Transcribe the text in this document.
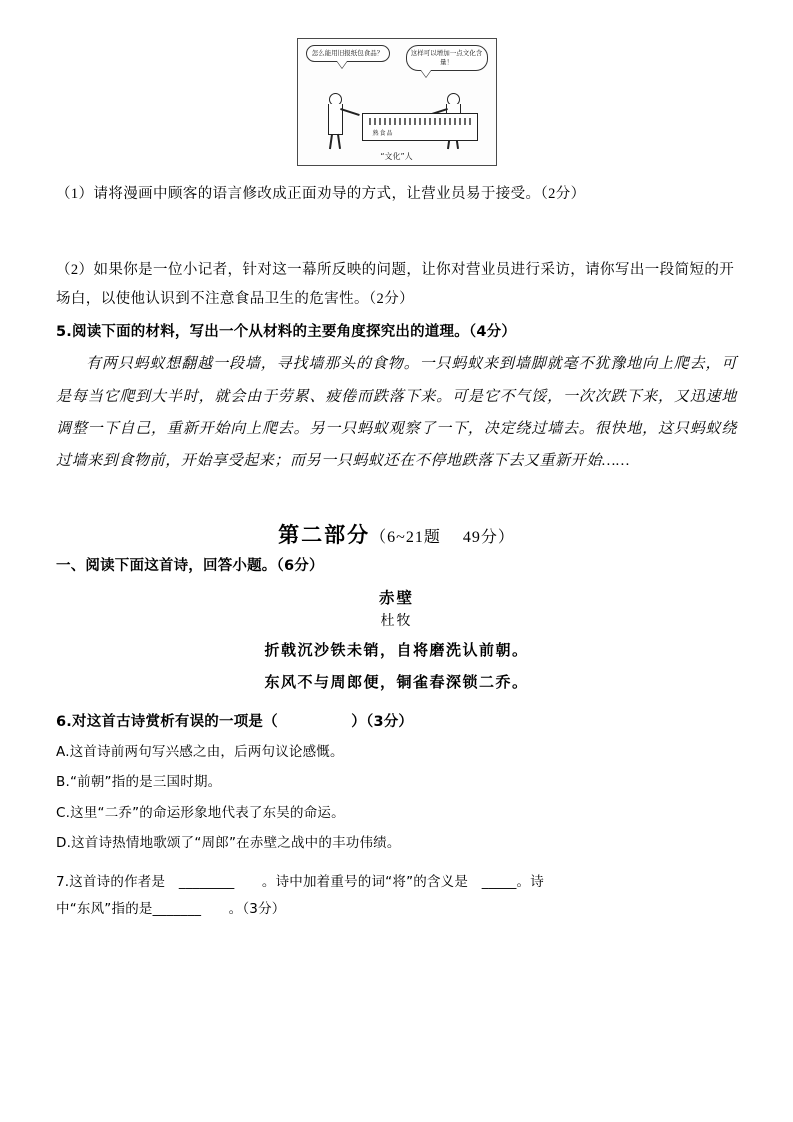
怎么能用旧报纸包食品？	这样可以增加一点文化含量！
熟食品
“文化”人

（1）请将漫画中顾客的语言修改成正面劝导的方式，让营业员易于接受。（2分）

（2）如果你是一位小记者，针对这一幕所反映的问题，让你对营业员进行采访，请你写出一段简短的开场白，以使他认识到不注意食品卫生的危害性。（2分）

5.阅读下面的材料，写出一个从材料的主要角度探究出的道理。（4分）

有两只蚂蚁想翻越一段墙，寻找墙那头的食物。一只蚂蚁来到墙脚就毫不犹豫地向上爬去，可是每当它爬到大半时，就会由于劳累、疲倦而跌落下来。可是它不气馁，一次次跌下来，又迅速地调整一下自己，重新开始向上爬去。另一只蚂蚁观察了一下，决定绕过墙去。很快地，这只蚂蚁绕过墙来到食物前，开始享受起来；而另一只蚂蚁还在不停地跌落下去又重新开始……

第二部分（6~21题　 49分）

一、阅读下面这首诗，回答小题。（6分）

赤壁

杜牧

折戟沉沙铁未销，自将磨洗认前朝。

东风不与周郎便，铜雀春深锁二乔。

6.对这首古诗赏析有误的一项是（　　　　　）（3分）

A.这首诗前两句写兴感之由，后两句议论感慨。

B.“前朝”指的是三国时期。

C.这里“二乔”的命运形象地代表了东吴的命运。

D.这首诗热情地歌颂了“周郎”在赤壁之战中的丰功伟绩。

7.这首诗的作者是　________　　。诗中加着重号的词“将”的含义是　_____。诗

中“东风”指的是_______　　。（3分）
